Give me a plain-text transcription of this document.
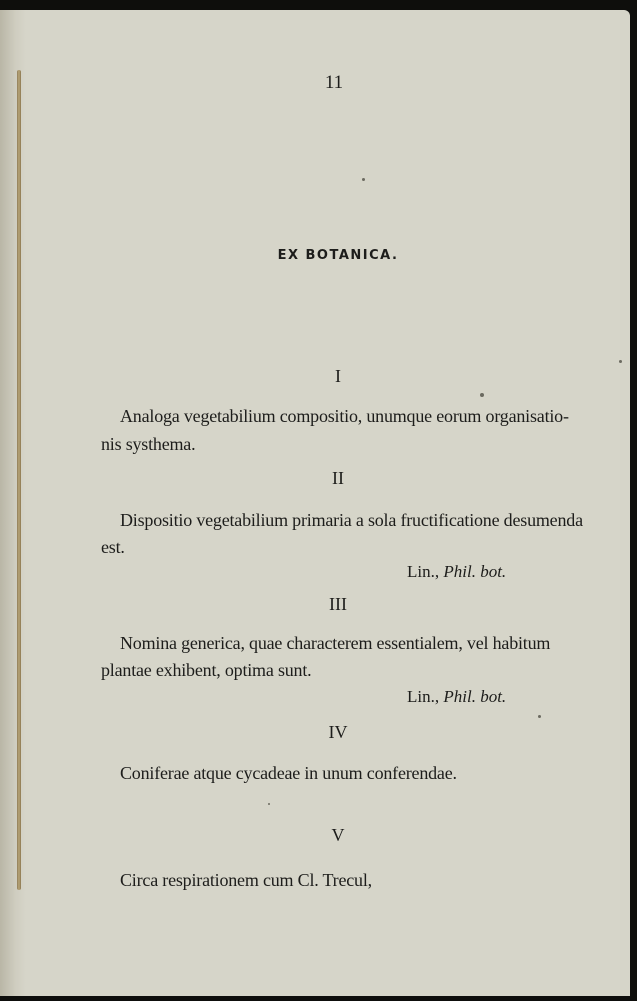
11
EX BOTANICA.
I
Analoga vegetabilium compositio, unumque eorum organisatio-
nis systhema.
II
Dispositio vegetabilium primaria a sola fructificatione desumenda
est.
Lin., Phil. bot.
III
Nomina generica, quae characterem essentialem, vel habitum
plantae exhibent, optima sunt.
Lin., Phil. bot.
IV
Coniferae atque cycadeae in unum conferendae.
V
Circa respirationem cum Cl. Trecul,
